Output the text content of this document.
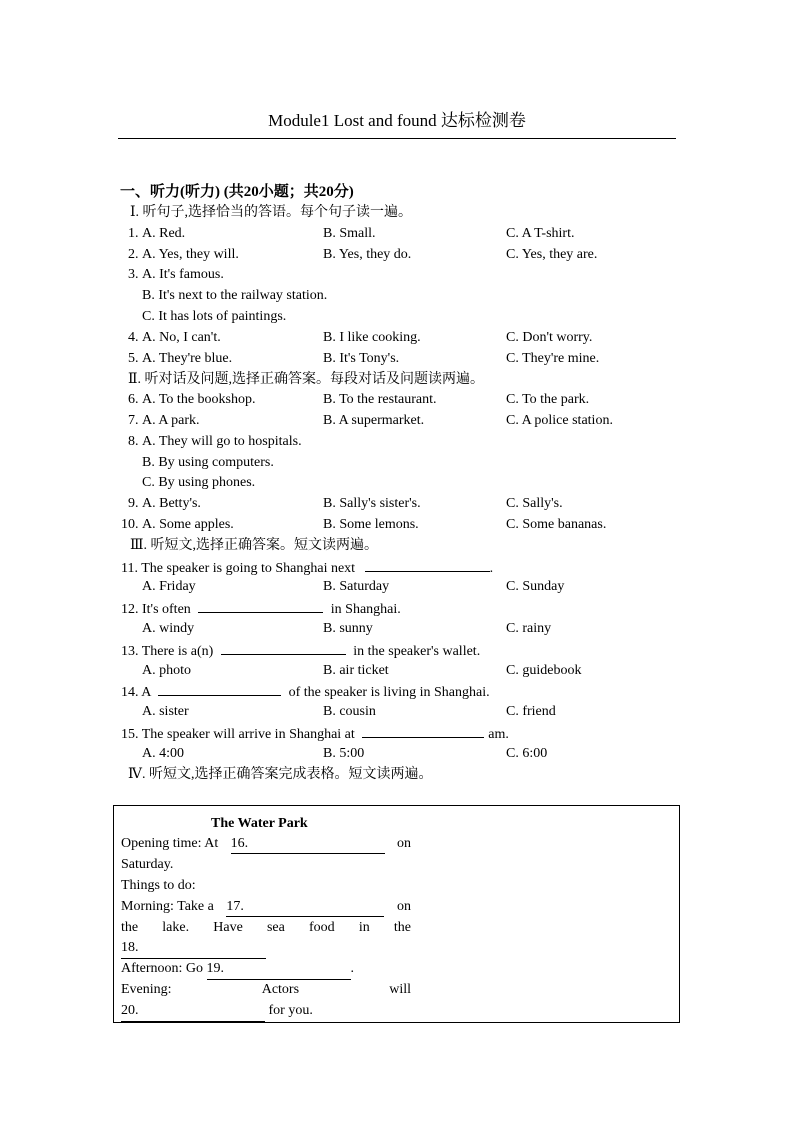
Module1 Lost and found 达标检测卷
一、听力(听力) (共20小题；共20分)
Ⅰ. 听句子,选择恰当的答语。每个句子读一遍。
1. A. Red.	B. Small.	C. A T-shirt.
2. A. Yes, they will.	B. Yes, they do.	C. Yes, they are.
3. A. It's famous.
B. It's next to the railway station.
C. It has lots of paintings.
4. A. No, I can't.	B. I like cooking.	C. Don't worry.
5. A. They're blue.	B. It's Tony's.	C. They're mine.
Ⅱ. 听对话及问题,选择正确答案。每段对话及问题读两遍。
6. A. To the bookshop.	B. To the restaurant.	C. To the park.
7. A. A park.	B. A supermarket.	C. A police station.
8. A. They will go to hospitals.
B. By using computers.
C. By using phones.
9. A. Betty's.	B. Sally's sister's.	C. Sally's.
10. A. Some apples.	B. Some lemons.	C. Some bananas.
Ⅲ. 听短文,选择正确答案。短文读两遍。
11. The speaker is going to Shanghai next	.
A. Friday	B. Saturday	C. Sunday
12. It's often	in Shanghai.
A. windy	B. sunny	C. rainy
13. There is a(n)	in the speaker's wallet.
A. photo	B. air ticket	C. guidebook
14. A	of the speaker is living in Shanghai.
A. sister	B. cousin	C. friend
15. The speaker will arrive in Shanghai at	am.
A. 4:00	B. 5:00	C. 6:00
Ⅳ. 听短文,选择正确答案完成表格。短文读两遍。
The Water Park
Opening time: At 16.	on
Saturday.
Things to do:
Morning: Take a 17.	on
the lake. Have sea food in the
18.
Afternoon: Go 19.	.
Evening:	Actors	will
20.	for you.
